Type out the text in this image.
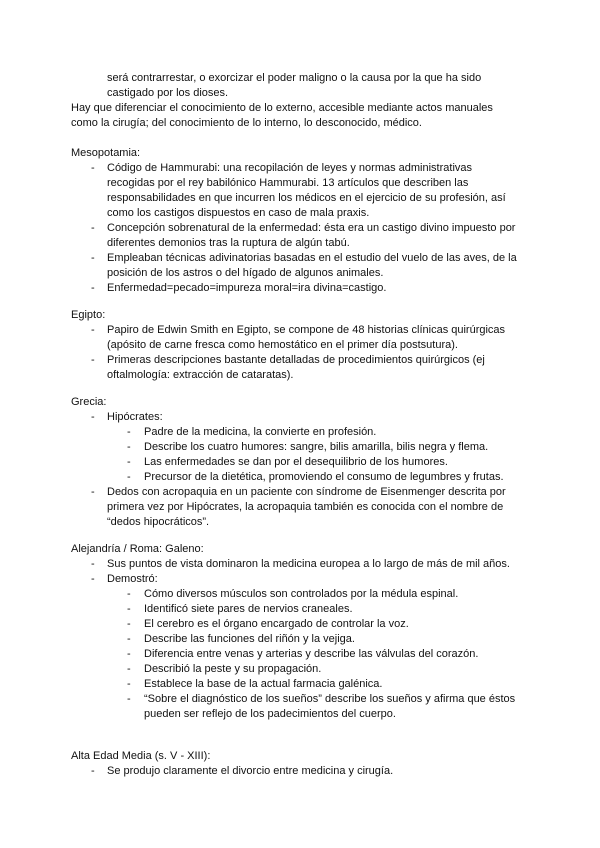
será contrarrestar, o exorcizar el poder maligno o la causa por la que ha sido
castigado por los dioses.
Hay que diferenciar el conocimiento de lo externo, accesible mediante actos manuales
como la cirugía; del conocimiento de lo interno, lo desconocido, médico.
Mesopotamia:
- Código de Hammurabi: una recopilación de leyes y normas administrativas
recogidas por el rey babilónico Hammurabi. 13 artículos que describen las
responsabilidades en que incurren los médicos en el ejercicio de su profesión, así
como los castigos dispuestos en caso de mala praxis.
- Concepción sobrenatural de la enfermedad: ésta era un castigo divino impuesto por
diferentes demonios tras la ruptura de algún tabú.
- Empleaban técnicas adivinatorias basadas en el estudio del vuelo de las aves, de la
posición de los astros o del hígado de algunos animales.
- Enfermedad=pecado=impureza moral=ira divina=castigo.
Egipto:
- Papiro de Edwin Smith en Egipto, se compone de 48 historias clínicas quirúrgicas
(apósito de carne fresca como hemostático en el primer día postsutura).
- Primeras descripciones bastante detalladas de procedimientos quirúrgicos (ej
oftalmología: extracción de cataratas).
Grecia:
- Hipócrates:
- Padre de la medicina, la convierte en profesión.
- Describe los cuatro humores: sangre, bilis amarilla, bilis negra y flema.
- Las enfermedades se dan por el desequilibrio de los humores.
- Precursor de la dietética, promoviendo el consumo de legumbres y frutas.
- Dedos con acropaquia en un paciente con síndrome de Eisenmenger descrita por
primera vez por Hipócrates, la acropaquia también es conocida con el nombre de
“dedos hipocráticos”.
Alejandría / Roma: Galeno:
- Sus puntos de vista dominaron la medicina europea a lo largo de más de mil años.
- Demostró:
- Cómo diversos músculos son controlados por la médula espinal.
- Identificó siete pares de nervios craneales.
- El cerebro es el órgano encargado de controlar la voz.
- Describe las funciones del riñón y la vejiga.
- Diferencia entre venas y arterias y describe las válvulas del corazón.
- Describió la peste y su propagación.
- Establece la base de la actual farmacia galénica.
- “Sobre el diagnóstico de los sueños” describe los sueños y afirma que éstos
pueden ser reflejo de los padecimientos del cuerpo.
Alta Edad Media (s. V - XIII):
- Se produjo claramente el divorcio entre medicina y cirugía.
